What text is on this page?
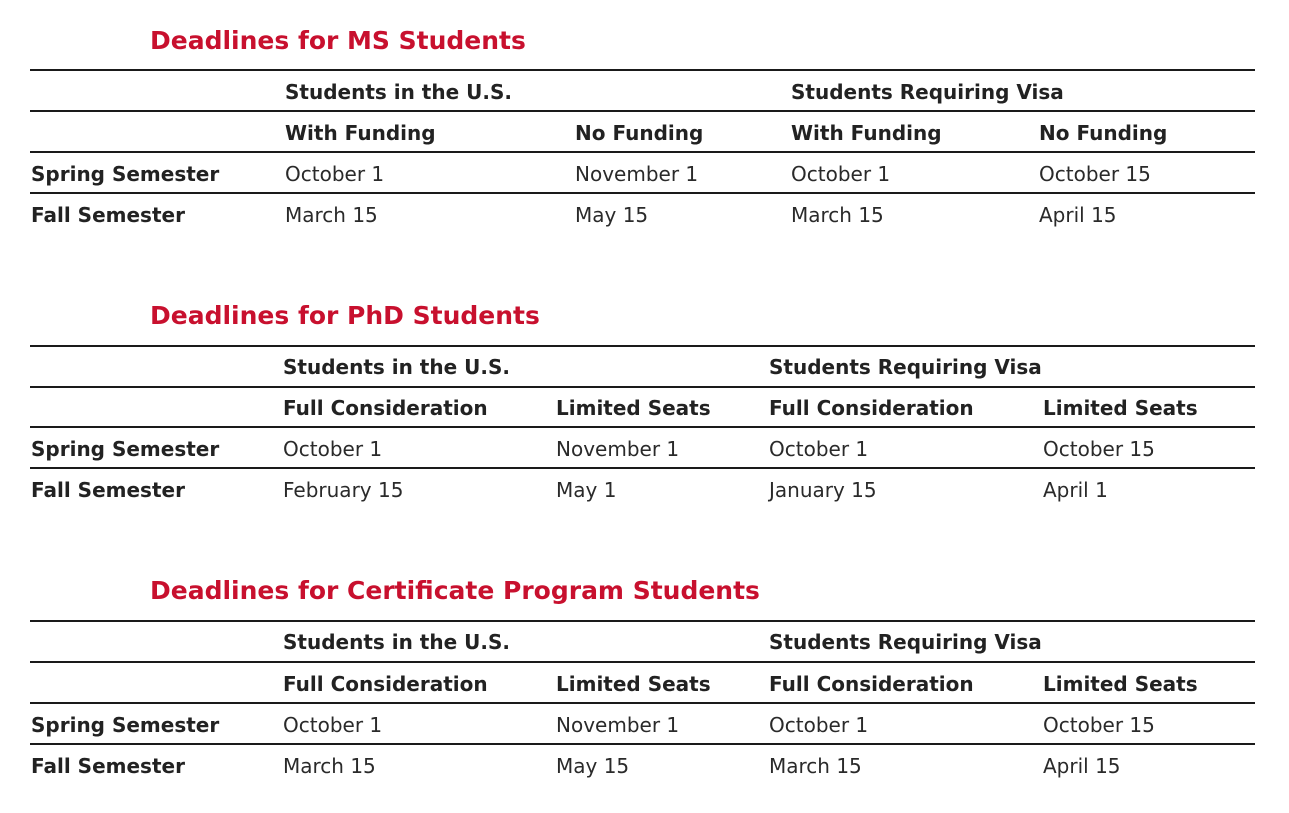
Deadlines for MS Students
Students in the U.S.	Students Requiring Visa
With Funding	No Funding	With Funding	No Funding
Spring Semester	October 1	November 1	October 1	October 15
Fall Semester	March 15	May 15	March 15	April 15
Deadlines for PhD Students
Students in the U.S.	Students Requiring Visa
Full Consideration	Limited Seats	Full Consideration	Limited Seats
Spring Semester	October 1	November 1	October 1	October 15
Fall Semester	February 15	May 1	January 15	April 1
Deadlines for Certificate Program Students
Students in the U.S.	Students Requiring Visa
Full Consideration	Limited Seats	Full Consideration	Limited Seats
Spring Semester	October 1	November 1	October 1	October 15
Fall Semester	March 15	May 15	March 15	April 15
